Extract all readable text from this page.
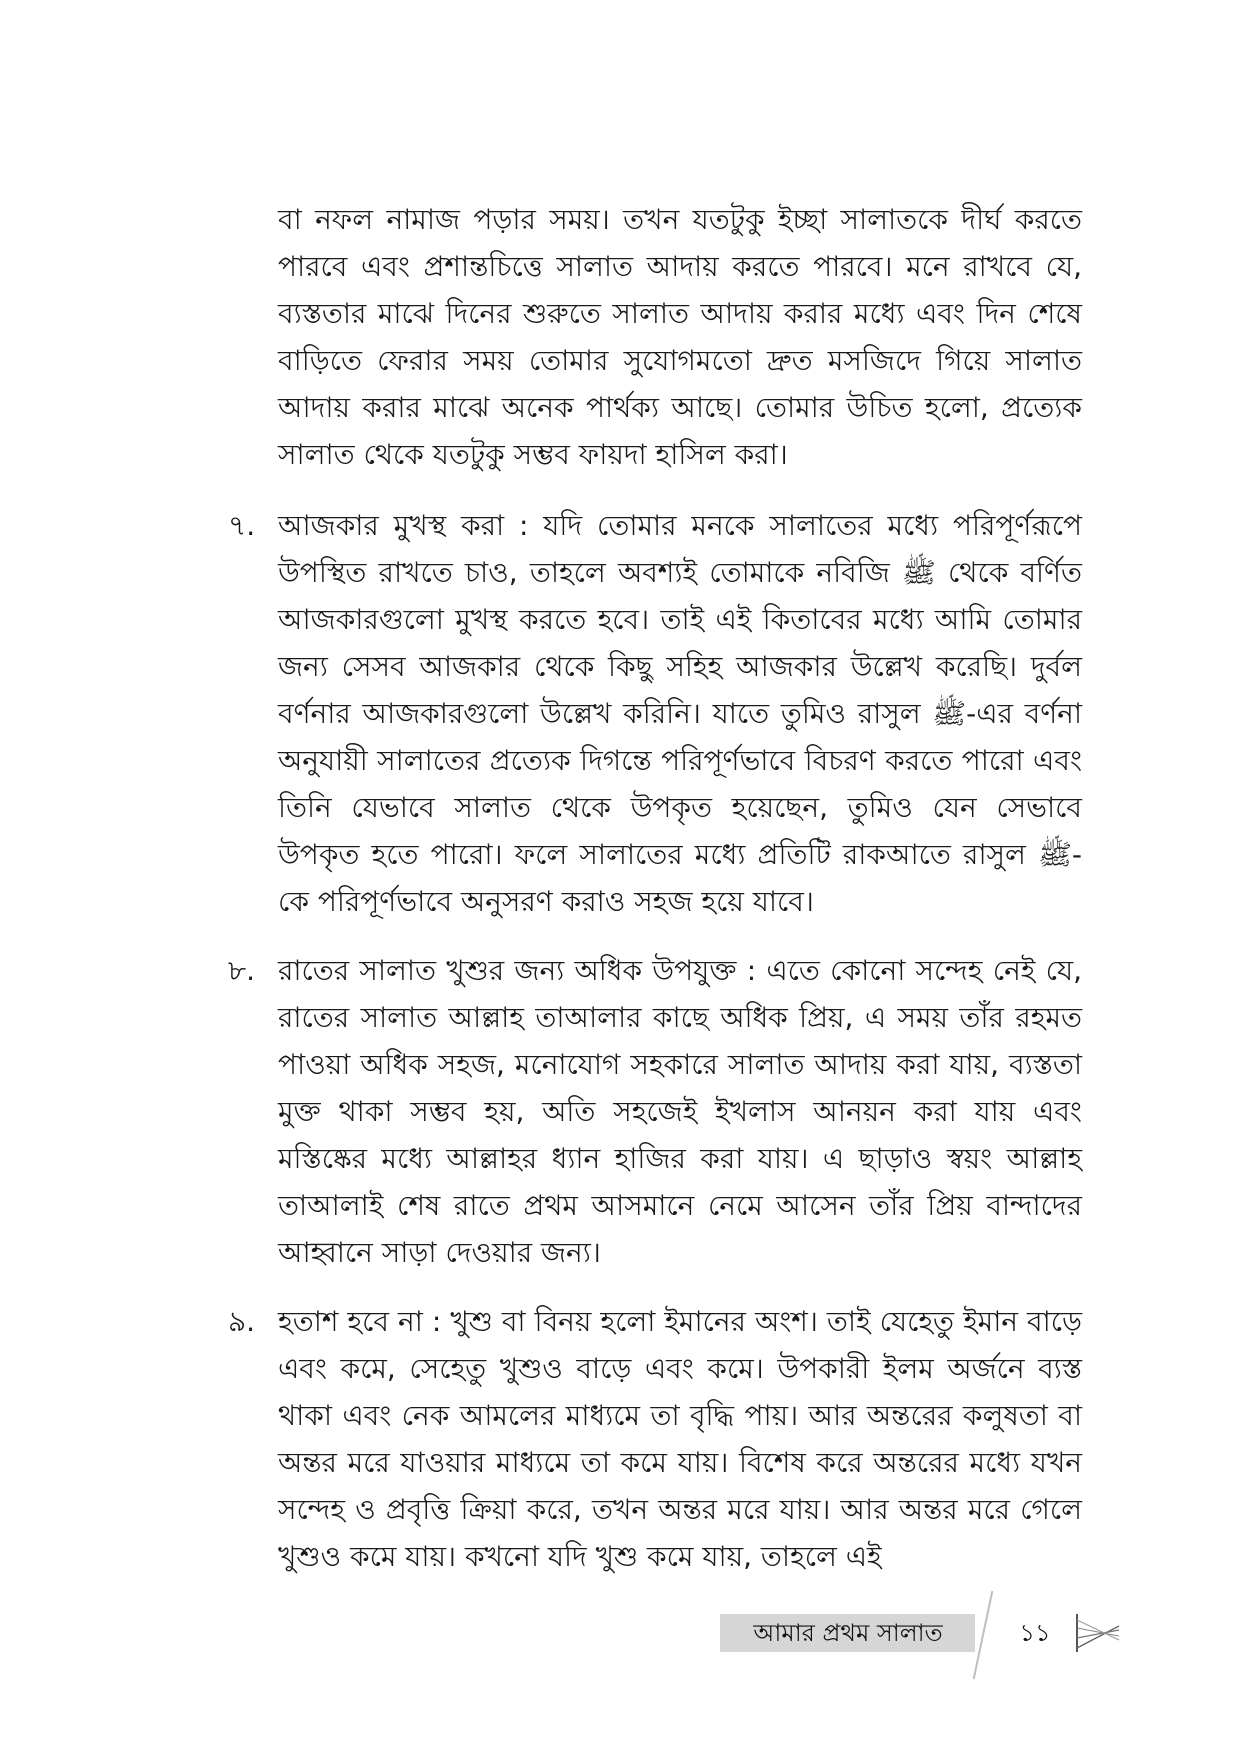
বা নফল নামাজ পড়ার সময়। তখন যতটুকু ইচ্ছা সালাতকে দীর্ঘ করতে পারবে এবং প্রশান্তচিত্তে সালাত আদায় করতে পারবে। মনে রাখবে যে, ব্যস্ততার মাঝে দিনের শুরুতে সালাত আদায় করার মধ্যে এবং দিন শেষে বাড়িতে ফেরার সময় তোমার সুযোগমতো দ্রুত মসজিদে গিয়ে সালাত আদায় করার মাঝে অনেক পার্থক্য আছে। তোমার উচিত হলো, প্রত্যেক সালাত থেকে যতটুকু সম্ভব ফায়দা হাসিল করা।

৭. আজকার মুখস্থ করা : যদি তোমার মনকে সালাতের মধ্যে পরিপূর্ণরূপে উপস্থিত রাখতে চাও, তাহলে অবশ্যই তোমাকে নবিজি ﷺ থেকে বর্ণিত আজকারগুলো মুখস্থ করতে হবে। তাই এই কিতাবের মধ্যে আমি তোমার জন্য সেসব আজকার থেকে কিছু সহিহ আজকার উল্লেখ করেছি। দুর্বল বর্ণনার আজকারগুলো উল্লেখ করিনি। যাতে তুমিও রাসুল ﷺ-এর বর্ণনা অনুযায়ী সালাতের প্রত্যেক দিগন্তে পরিপূর্ণভাবে বিচরণ করতে পারো এবং তিনি যেভাবে সালাত থেকে উপকৃত হয়েছেন, তুমিও যেন সেভাবে উপকৃত হতে পারো। ফলে সালাতের মধ্যে প্রতিটি রাকআতে রাসুল ﷺ-কে পরিপূর্ণভাবে অনুসরণ করাও সহজ হয়ে যাবে।

৮. রাতের সালাত খুশুর জন্য অধিক উপযুক্ত : এতে কোনো সন্দেহ নেই যে, রাতের সালাত আল্লাহ তাআলার কাছে অধিক প্রিয়, এ সময় তাঁর রহমত পাওয়া অধিক সহজ, মনোযোগ সহকারে সালাত আদায় করা যায়, ব্যস্ততা মুক্ত থাকা সম্ভব হয়, অতি সহজেই ইখলাস আনয়ন করা যায় এবং মস্তিষ্কের মধ্যে আল্লাহর ধ্যান হাজির করা যায়। এ ছাড়াও স্বয়ং আল্লাহ তাআলাই শেষ রাতে প্রথম আসমানে নেমে আসেন তাঁর প্রিয় বান্দাদের আহ্বানে সাড়া দেওয়ার জন্য।

৯. হতাশ হবে না : খুশু বা বিনয় হলো ইমানের অংশ। তাই যেহেতু ইমান বাড়ে এবং কমে, সেহেতু খুশুও বাড়ে এবং কমে। উপকারী ইলম অর্জনে ব্যস্ত থাকা এবং নেক আমলের মাধ্যমে তা বৃদ্ধি পায়। আর অন্তরের কলুষতা বা অন্তর মরে যাওয়ার মাধ্যমে তা কমে যায়। বিশেষ করে অন্তরের মধ্যে যখন সন্দেহ ও প্রবৃত্তি ক্রিয়া করে, তখন অন্তর মরে যায়। আর অন্তর মরে গেলে খুশুও কমে যায়। কখনো যদি খুশু কমে যায়, তাহলে এই

আমার প্রথম সালাত	১১
